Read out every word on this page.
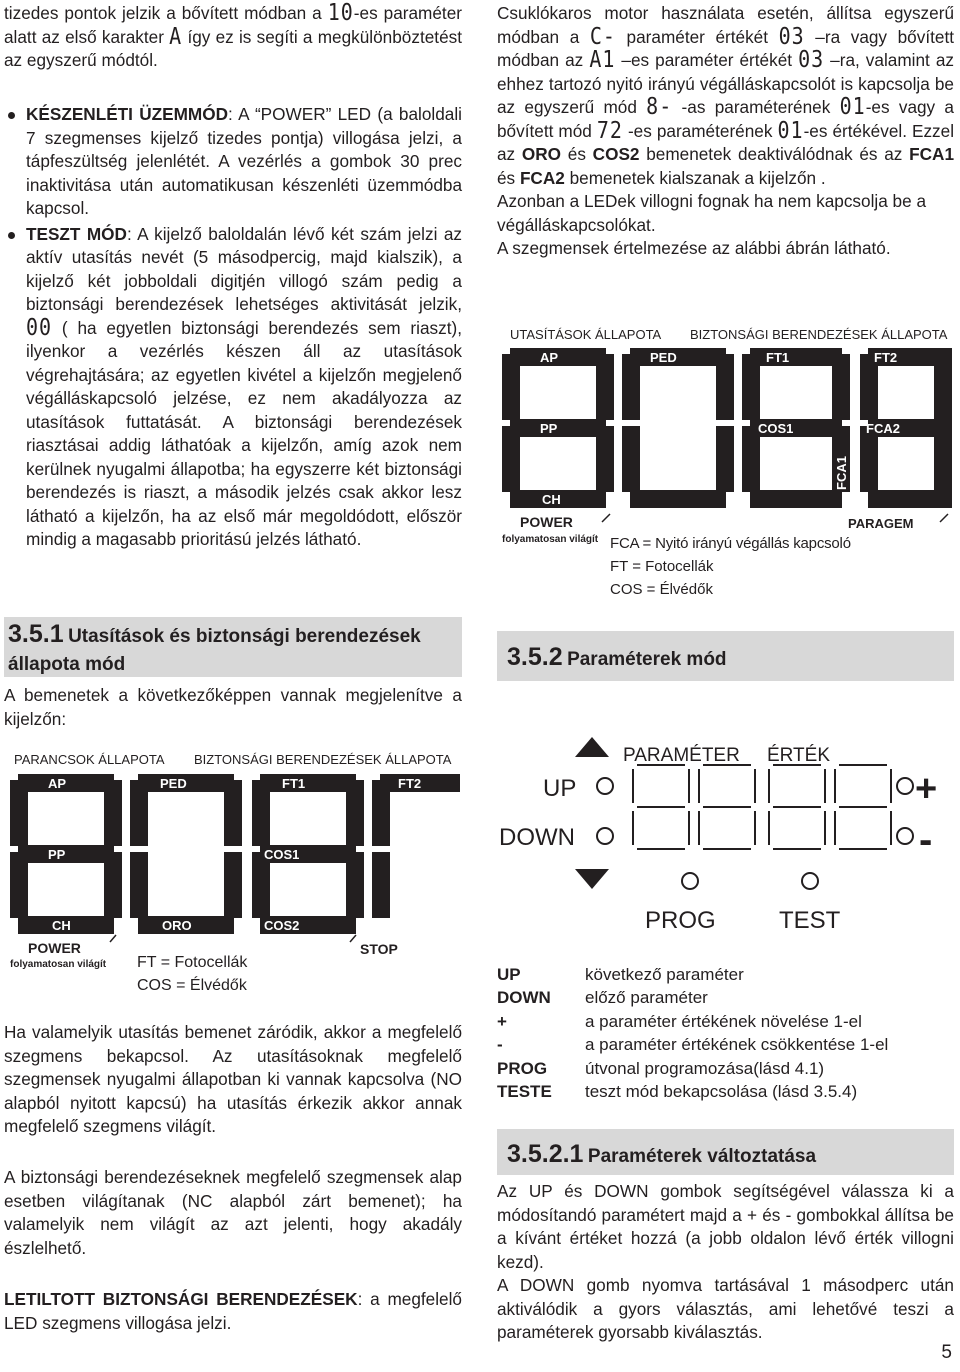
tizedes pontok jelzik a bővített módban a 10-es paraméter alatt az első karakter A így ez is segíti a megkülönböztetést az egyszerű módtól.

KÉSZENLÉTI ÜZEMMÓD: A “POWER” LED (a baloldali 7 szegmenses kijelző tizedes pontja) villogása jelzi, a tápfeszültség jelenlétét. A vezérlés a gombok 30 prec inaktivitása után automatikusan készenléti üzemmódba kapcsol.
TESZT MÓD: A kijelző baloldalán lévő két szám jelzi az aktív utasítás nevét (5 másodpercig, majd kialszik), a kijelző két jobboldali digitjén villogó szám pedig a biztonsági berendezések lehetséges aktivitását jelzik, 00 ( ha egyetlen biztonsági berendezés sem riaszt), ilyenkor a vezérlés készen áll az utasítások végrehajtására; az egyetlen kivétel a kijelzőn megjelenő végálláskapcsoló jelzése, ez nem akadályozza az utasítások futtatását. A biztonsági berendezések riasztásai addig láthatóak a kijelzőn, amíg azok nem kerülnek nyugalmi állapotba; ha egyszerre két biztonsági berendezés is riaszt, a második jelzés csak akkor lesz látható a kijelzőn, ha az első már megoldódott, először mindig a magasabb prioritású jelzés látható.
3.5.1 Utasítások és biztonsági berendezések állapota mód

A bemenetek a következőképpen vannak megjelenítve a kijelzőn:

PARANCSOK ÁLLAPOTA BIZTONSÁGI BERENDEZÉSEK ÁLLAPOTA
AP	PED	FT1	FT2
PP	COS1
CH	ORO	COS2
POWER	STOP
folyamatosan világít FT = Fotocellák
COS = Élvédők

Ha valamelyik utasítás bemenet záródik, akkor a megfelelő szegmens bekapcsol. Az utasításoknak megfelelő szegmensek nyugalmi állapotban ki vannak kapcsolva (NO alapból nyitott kapcsú) ha utasítás érkezik akkor annak megfelelő szegmens világít.

A biztonsági berendezéseknek megfelelő szegmensek alap esetben világítanak (NC alapból zárt bemenet); ha valamelyik nem világít az azt jelenti, hogy akadály észlelhető.

LETILTOTT BIZTONSÁGI BERENDEZÉSEK: a megfelelő LED szegmens villogása jelzi.

Csuklókaros motor használata esetén, állítsa egyszerű módban a C- paraméter értékét 03 –ra vagy bővített módban az A1 –es paraméter értékét 03 –ra, valamint az ehhez tartozó nyitó irányú végálláskapcsolót is kapcsolja be az egyszerű mód 8- -as paraméterének 01-es vagy a bővített mód 72 -es paraméterének 01-es értékével. Ezzel az ORO és COS2 bemenetek deaktiválódnak és az FCA1 és FCA2 bemenetek kialszanak a kijelzőn .

Azonban a LEDek villogni fognak ha nem kapcsolja be a végálláskapcsolókat.

A szegmensek értelmezése az alábbi ábrán látható.

UTASÍTÁSOK ÁLLAPOTA BIZTONSÁGI BERENDEZÉSEK ÁLLAPOTA
AP	PED	FT1	FT2
PP	COS1	FCA2
FCA1
CH
POWER	PARAGEM
folyamatosan világít FCA = Nyitó irányú végállás kapcsoló
FT = Fotocellák
COS = Élvédők
3.5.2 Paraméterek mód
PARAMÉTER ÉRTÉK
UP
DOWN
+
-
PROG	TEST
UP	következő paraméter
DOWN	előző paraméter
+	a paraméter értékének növelése 1-el
-	a paraméter értékének csökkentése 1-el
PROG	útvonal programozása(lásd 4.1)
TESTE	teszt mód bekapcsolása (lásd 3.5.4)
3.5.2.1 Paraméterek változtatása

Az UP és DOWN gombok segítségével válassza ki a módosítandó paramétert majd a + és - gombokkal állítsa be a kívánt értéket hozzá (a jobb oldalon lévő érték villogni kezd).

A DOWN gomb nyomva tartásával 1 másodperc után aktiválódik a gyors választás, ami lehetővé teszi a paraméterek gyorsabb kiválasztás.

5
